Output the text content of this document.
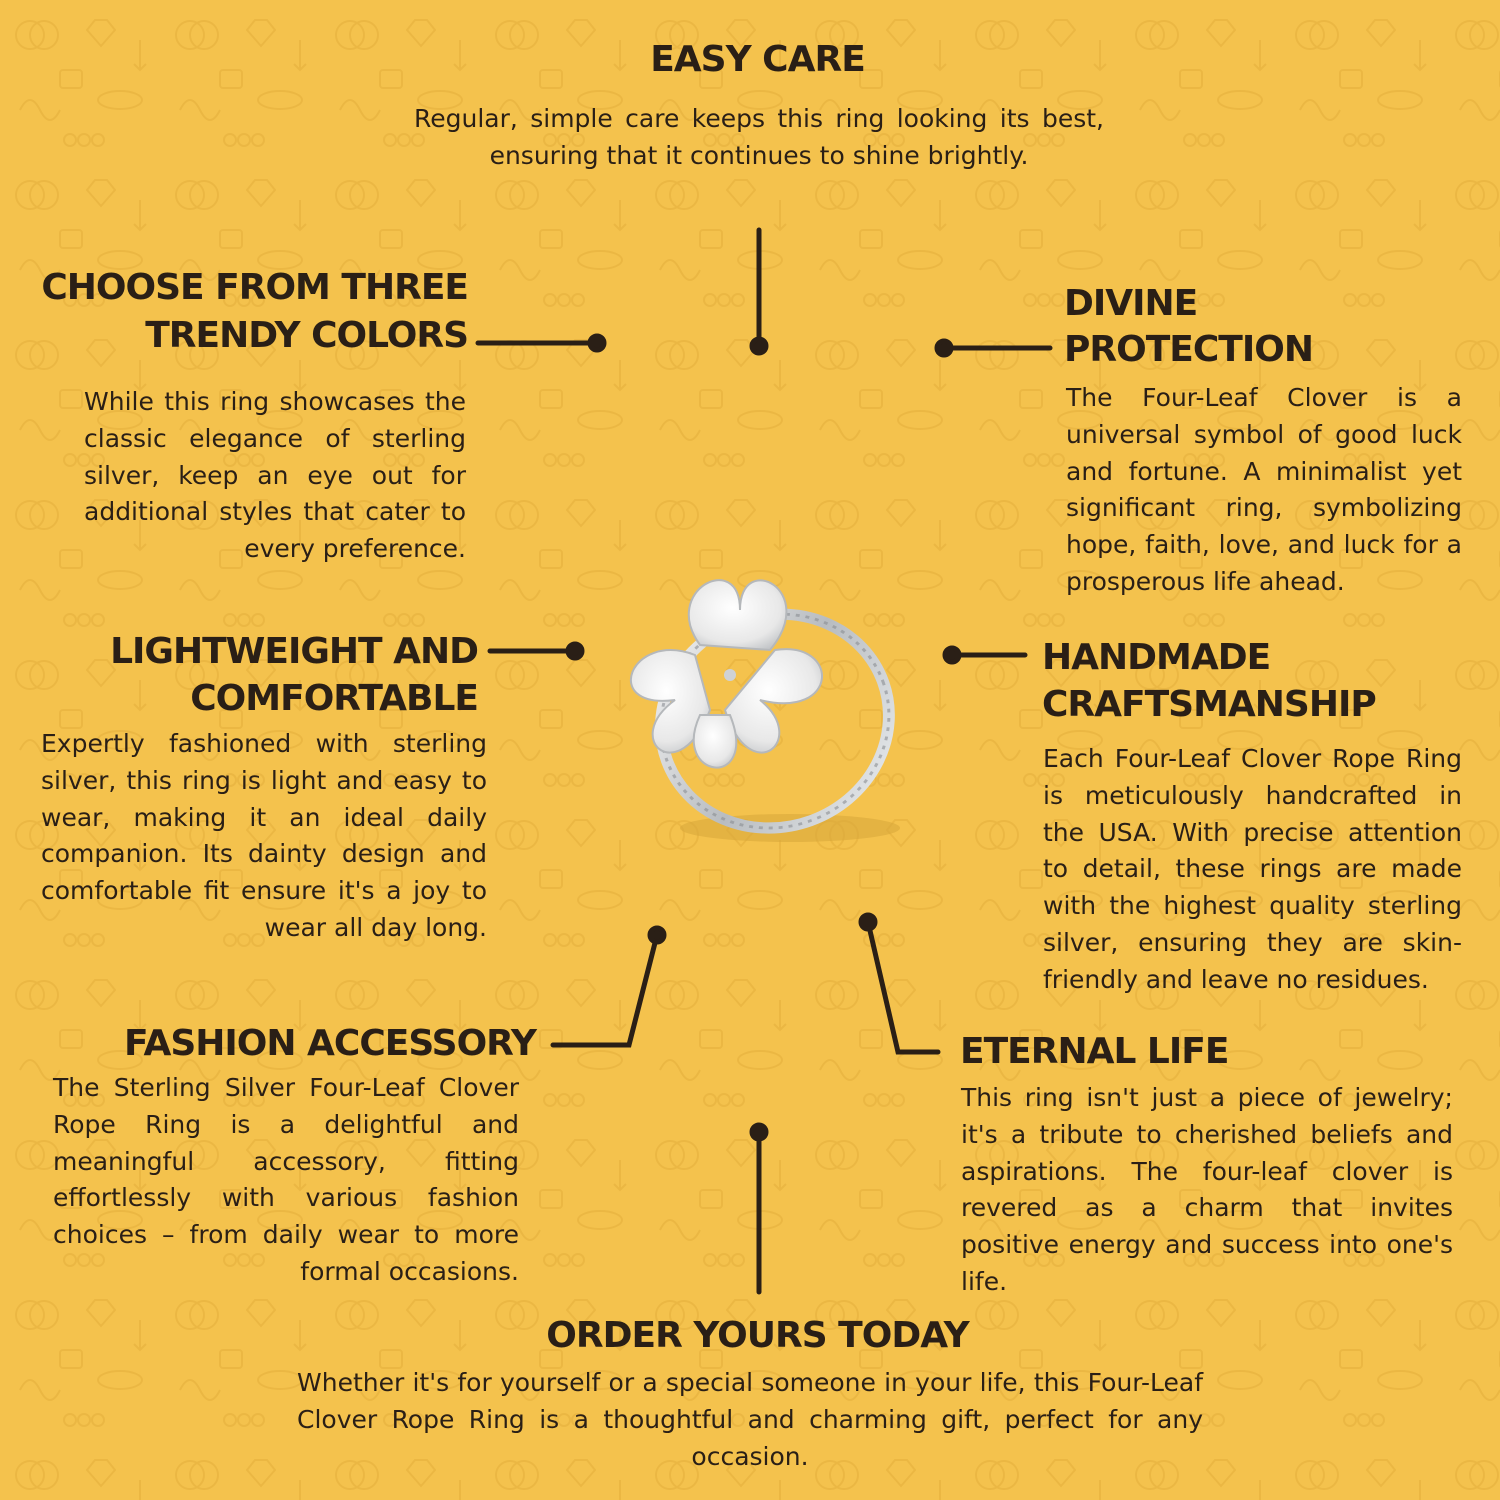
EASY CARE

Regular, simple care keeps this ring looking its best, ensuring that it continues to shine brightly.

CHOOSE FROM THREE
TRENDY COLORS

While this ring showcases the classic elegance of sterling silver, keep an eye out for additional styles that cater to every preference.

DIVINE
PROTECTION

The Four-Leaf Clover is a universal symbol of good luck and fortune. A minimalist yet significant ring, symbolizing hope, faith, love, and luck for a prosperous life ahead.

LIGHTWEIGHT AND
COMFORTABLE

Expertly fashioned with sterling silver, this ring is light and easy to wear, making it an ideal daily companion. Its dainty design and comfortable fit ensure it's a joy to wear all day long.

HANDMADE
CRAFTSMANSHIP

Each Four-Leaf Clover Rope Ring is meticulously handcrafted in the USA. With precise attention to detail, these rings are made with the highest quality sterling silver, ensuring they are skin-friendly and leave no residues.

FASHION ACCESSORY

The Sterling Silver Four-Leaf Clover Rope Ring is a delightful and meaningful accessory, fitting effortlessly with various fashion choices – from daily wear to more formal occasions.

ETERNAL LIFE

This ring isn't just a piece of jewelry; it's a tribute to cherished beliefs and aspirations. The four-leaf clover is revered as a charm that invites positive energy and success into one's life.

ORDER YOURS TODAY

Whether it's for yourself or a special someone in your life, this Four-Leaf Clover Rope Ring is a thoughtful and charming gift, perfect for any occasion.
